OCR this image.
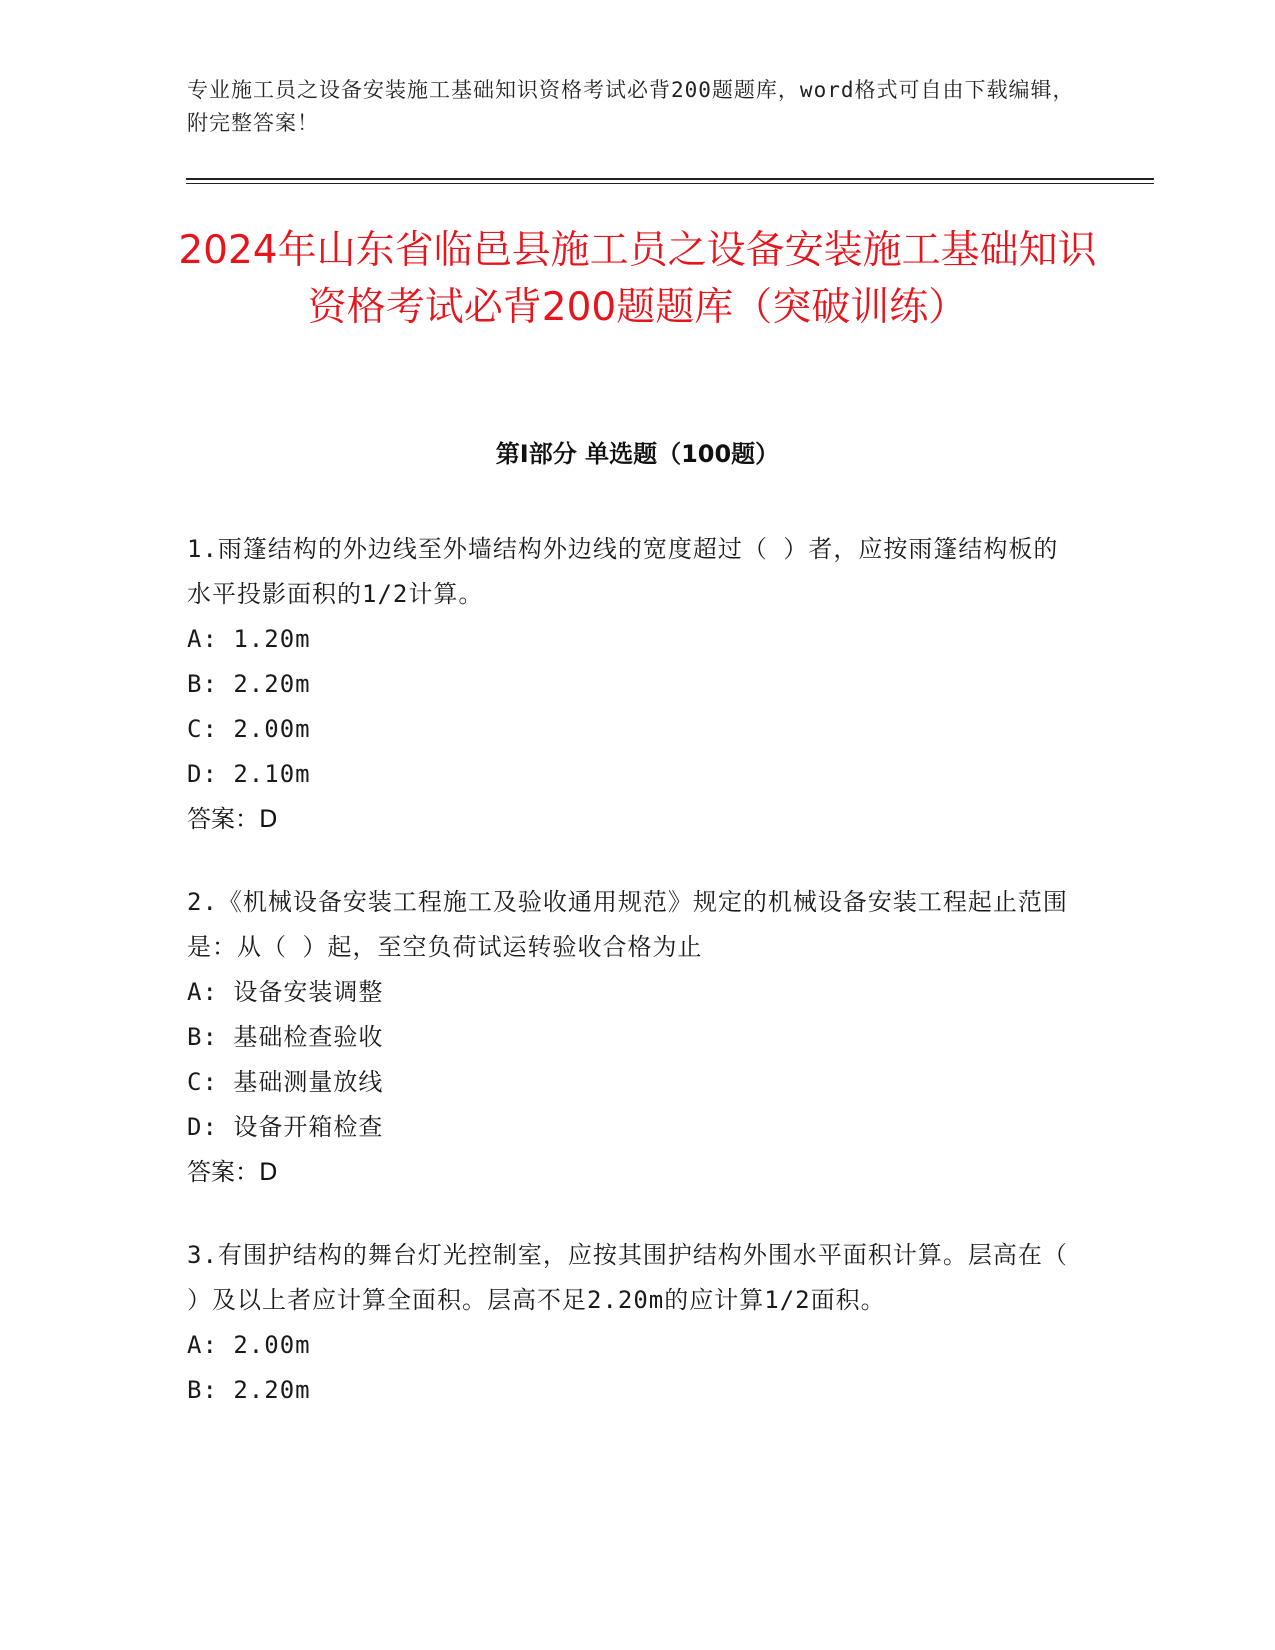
专业施工员之设备安装施工基础知识资格考试必背200题题库，word格式可自由下载编辑，附完整答案！
2024年山东省临邑县施工员之设备安装施工基础知识资格考试必背200题题库（突破训练）
第I部分 单选题（100题）

1.雨篷结构的外边线至外墙结构外边线的宽度超过（ ）者，应按雨篷结构板的水平投影面积的1/2计算。

A: 1.20m

B: 2.20m

C: 2.00m

D: 2.10m

答案：D

2.《机械设备安装工程施工及验收通用规范》规定的机械设备安装工程起止范围是：从（ ）起，至空负荷试运转验收合格为止

A: 设备安装调整

B: 基础检查验收

C: 基础测量放线

D: 设备开箱检查

答案：D

3.有围护结构的舞台灯光控制室，应按其围护结构外围水平面积计算。层高在（ ）及以上者应计算全面积。层高不足2.20m的应计算1/2面积。

A: 2.00m

B: 2.20m
